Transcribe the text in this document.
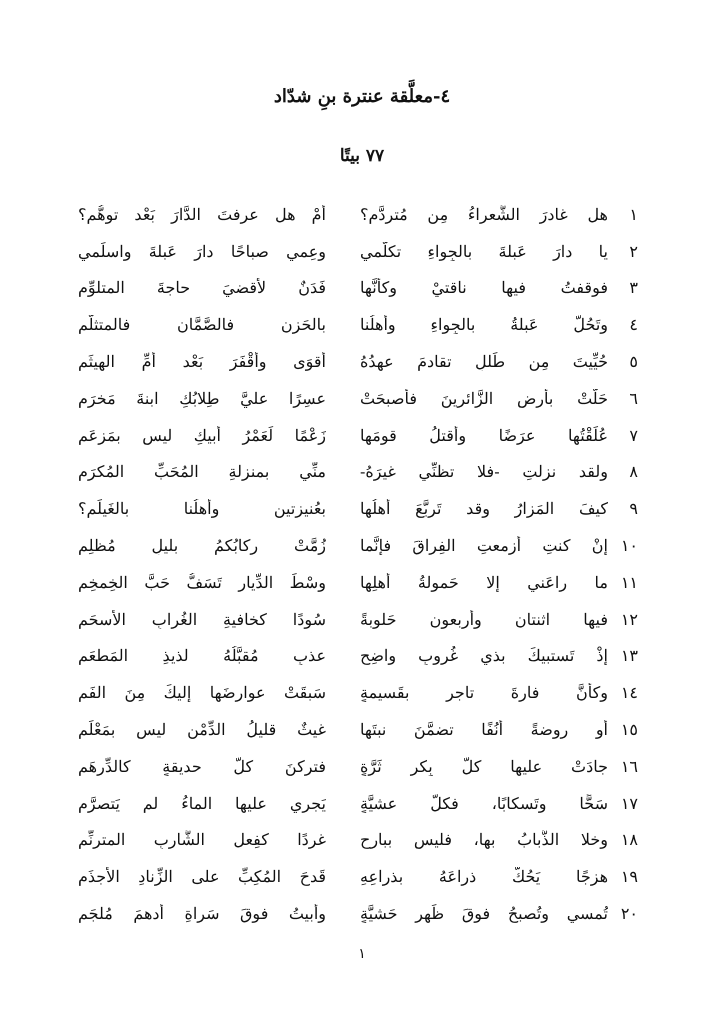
٤-معلَّقة عنترة بنِ شدّاد
٧٧ بيتًا
١
هل غادرَ الشُّعراءُ مِن مُتردَّمِ؟
أمْ هل عرفتَ الدَّارَ بَعْد توهُّمِ؟
٢
يا دارَ عَبلةَ بالجِواءِ تكلَّمي
وعِمي صباحًا دارَ عَبلةَ واسلَمي
٣
فوقفتُ فيها ناقتيْ وكأنَّها
فَدَنٌ لأَقضيَ حاجةَ المتلوِّمِ
٤
وتَحُلُّ عَبلةُ بالجِواءِ وأهلُنا
بالحَزنِ فالصَّمَّانِ فالمتثلَّمِ
٥
حُيِّيتَ مِن طَللٍ تقادمَ عهدُهُ
أقوَى وأقْفَرَ بَعْد أُمِّ الهيثَمِ
٦
حَلَّتْ بأرضِ الزَّائرينَ فأصبحَتْ
عسِرًا عليَّ طِلابُكِ ابنةَ مَخرَمِ
٧
عُلِّقْتُها عرَضًا وأَقتلُ قومَها
زَعْمًا لَعَمْرُ أبيكِ ليس بمَزعَمِ
٨
ولقد نزلتِ -فلا تظنِّي غيرَهُ-
منِّي بمنزلةِ المُحَبِّ المُكرَمِ
٩
كيفَ المَزارُ وقد تَربَّعَ أهلُها
بعُنيزتينِ وأهلُنا بالغَيلَمِ؟
١٠
إنْ كنتِ أزمعتِ الفِراقَ فإنَّما
زُمَّتْ رِكابُكمُ بليلٍ مُظلِمِ
١١
ما راعَني إلا حَمولةُ أهلِها
وسْطَ الدِّيارِ تَسَفُّ حَبَّ الخِمخِمِ
١٢
فيها اثنتانِ وأربعون حَلوبةً
سُودًا كخافيةِ الغُرابِ الأسحَمِ
١٣
إذْ تَستبيكَ بذي غُروبٍ واضِحٍ
عذبٍ مُقبَّلُهُ لذيذِ المَطعَمِ
١٤
وكأنَّ فارةَ تاجرٍ بقَسيمةٍ
سَبقَتْ عوارضَها إليكَ مِنَ الفَمِ
١٥
أو روضةً أُنُفًا تضمَّنَ نبتَها
غيثٌ قليلُ الدِّمْنِ ليس بمَعْلَمِ
١٦
جادَتْ عليها كلُّ بِكرٍ ثَرَّةٍ
فتركنَ كلَّ حديقةٍ كالدِّرهَمِ
١٧
سَحًّا وتَسكابًا، فكلَّ عشيَّةٍ
يَجري عليها الماءُ لم يَتصرَّمِ
١٨
وخلا الذُّبابُ بها، فليس ببارحٍ
غرِدًا كفِعلِ الشَّاربِ المترنِّمِ
١٩
هزِجًا يَحُكُّ ذراعَهُ بذراعِهِ
قَدحَ المُكِبِّ على الزِّنادِ الأجذَمِ
٢٠
تُمسي وتُصبحُ فوقَ ظَهرِ حَشيَّةٍ
وأَبيتُ فوقَ سَراةِ أدهمَ مُلجَمِ
١
